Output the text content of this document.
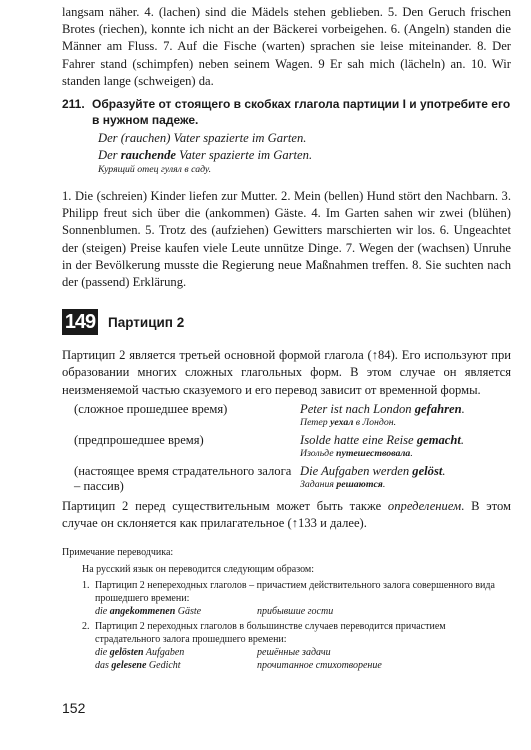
langsam näher. 4. (lachen) sind die Mädels stehen geblieben. 5. Den Geruch frischen Brotes (riechen), konnte ich nicht an der Bäckerei vorbeigehen. 6. (Angeln) standen die Männer am Fluss. 7. Auf die Fische (warten) sprachen sie leise miteinander. 8. Der Fahrer stand (schimpfen) neben seinem Wagen. 9 Er sah mich (lächeln) an. 10. Wir standen lange (schweigen) da.

211. Образуйте от стоящего в скобках глагола партиции I и употребите его в нужном падеже.

Der (rauchen) Vater spazierte im Garten.

Der rauchende Vater spazierte im Garten.

Курящий отец гулял в саду.

1. Die (schreien) Kinder liefen zur Mutter. 2. Mein (bellen) Hund stört den Nachbarn. 3. Philipp freut sich über die (ankommen) Gäste. 4. Im Garten sahen wir zwei (blühen) Sonnenblumen. 5. Trotz des (aufziehen) Gewitters marschierten wir los. 6. Ungeachtet der (steigen) Preise kaufen viele Leute unnütze Dinge. 7. Wegen der (wachsen) Unruhe in der Bevölkerung musste die Regierung neue Maßnahmen treffen. 8. Sie suchten nach der (passend) Erklärung.

149 Партицип 2

Партицип 2 является третьей основной формой глагола (↑84). Его используют при образовании многих сложных глагольных форм. В этом случае он является неизменяемой частью сказуемого и его перевод зависит от временной формы.

(сложное прошедшее время)	Peter ist nach London gefahren.
Петер уехал в Лондон.

(предпрошедшее время)	Isolde hatte eine Reise gemacht.
Изольде путешествовала.

(настоящее время страдательного залога – пассив)	Die Aufgaben werden gelöst.
Задания решаются.

Партицип 2 перед существительным может быть также определением. В этом случае он склоняется как прилагательное (↑133 и далее).

Примечание переводчика:

На русский язык он переводится следующим образом:

1. Партицип 2 непереходных глаголов – причастием действительного залога совершенного вида прошедшего времени:
die angekommenen Gäste	прибывшие гости
2. Партицип 2 переходных глаголов в большинстве случаев переводится причастием страдательного залога прошедшего времени:
die gelösten Aufgaben	решённые задачи
das gelesene Gedicht	прочитанное стихотворение
152
